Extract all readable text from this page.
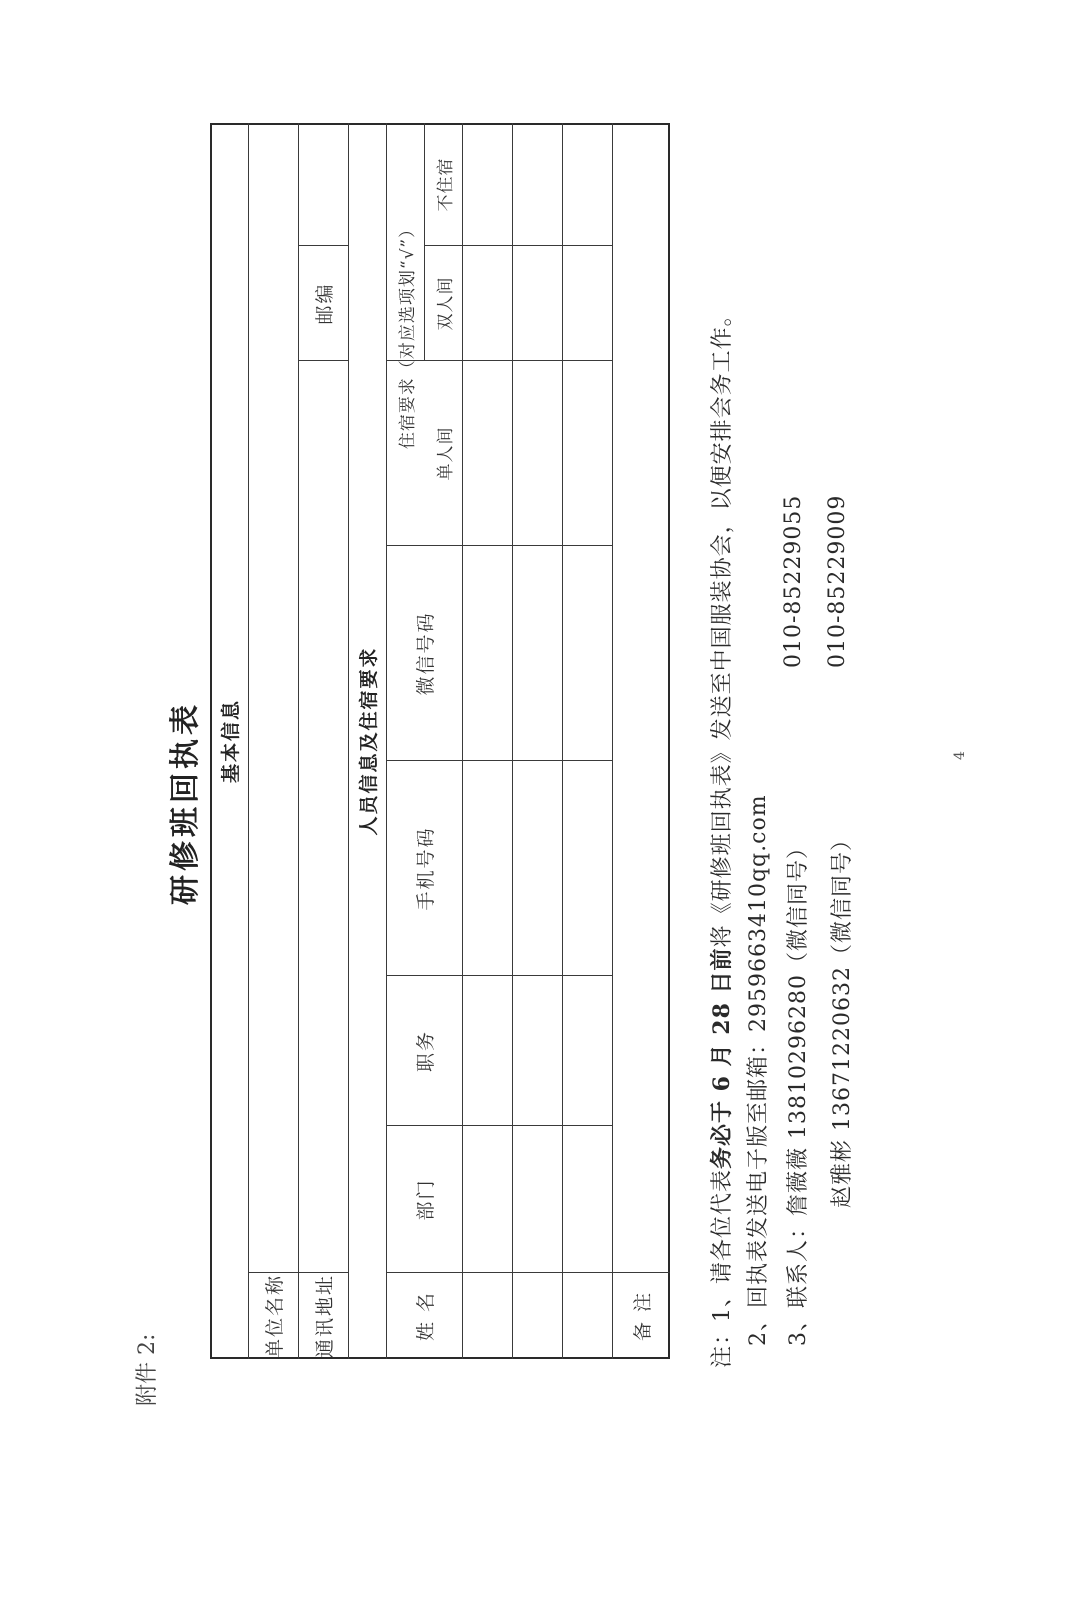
附件 2:
研修班回执表 基本信息
单位名称	通讯地址
邮编
人员信息及住宿要求
姓 名
部门
职务
手机号码
微信号码
住宿要求（对应选项划“√”）
单人间
双人间
不住宿
备 注	注：1、请各位代表务必于 6 月 28 日前将《研修班回执表》发送至中国服装协会，以便安排会务工作。
2、回执表发送电子版至邮箱：2959663410qq.com 3、联系人：詹薇薇 13810296280（微信同号）
010-85229055
赵雅彬 13671220632（微信同号）
010-85229009
4
